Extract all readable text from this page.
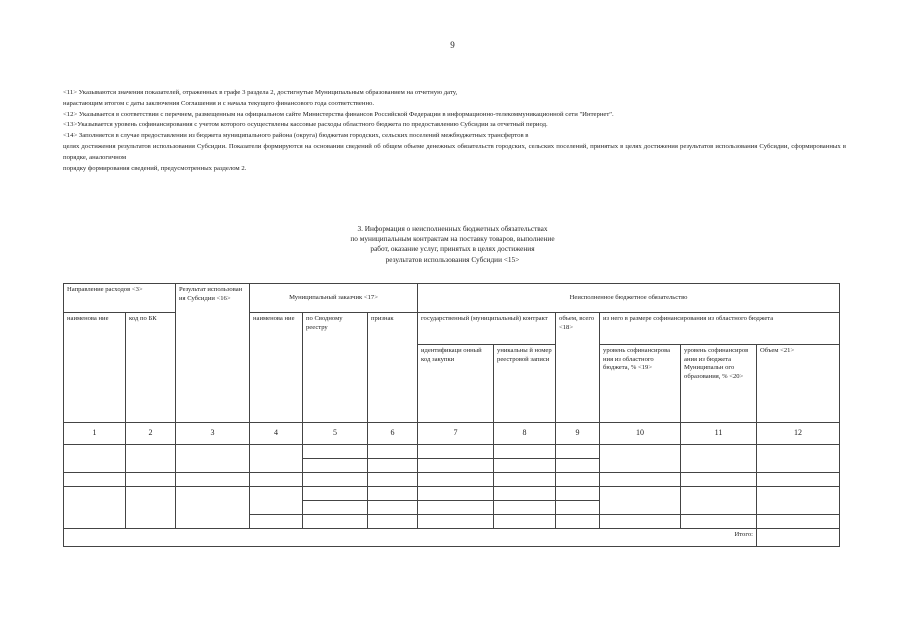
9

<11> Указываются значения показателей, отраженных в графе 3 раздела 2, достигнутые Муниципальным образованием на отчетную дату,

нарастающим итогом с даты заключения Соглашения и с начала текущего финансового года соответственно.

<12> Указывается в соответствии с перечнем, размещенным на официальном сайте Министерства финансов Российской Федерации в информационно-телекоммуникационной сети "Интернет".

<13>Указывается уровень софинансирования с учетом которого осуществлены кассовые расходы областного бюджета по предоставлению Субсидии за отчетный период.

<14> Заполняется в случае предоставлении из бюджета муниципального района (округа) бюджетам городских, сельских поселений межбюджетных трансфертов в

целях достижения результатов использования Субсидии. Показатели формируются на основании сведений об общем объеме денежных обязательств городских, сельских поселений, принятых в целях достижения результатов использования Субсидии, сформированных в порядке, аналогичном

порядку формирования сведений, предусмотренных разделом 2.

3. Информация о неисполненных бюджетных обязательствах
по муниципальным контрактам на поставку товаров, выполнение
работ, оказание услуг, принятых в целях достижения
результатов использования Субсидии <15>
Направление расходов <3>		Результат использован ия Субсидии <16>	Муниципальный заказчик <17>			Неисполненное бюджетное обязательство					
наименова ние	код по БК		наименова ние	по Сводному реестру	признак	государственный (муниципальный) контракт		объем, всего <18>	из него в размере софинансирования из областного бюджета		
						идентификаци онный код закупки	уникальны й номер реестровой записи		уровень софинансирова ния из областного бюджета, % <19>	уровень софинансиров ания из бюджета Муниципальн ого образования, % <20>	Объем <21>
1	2	3	4	5	6	7	8	9	10	11	12

Итого:											
